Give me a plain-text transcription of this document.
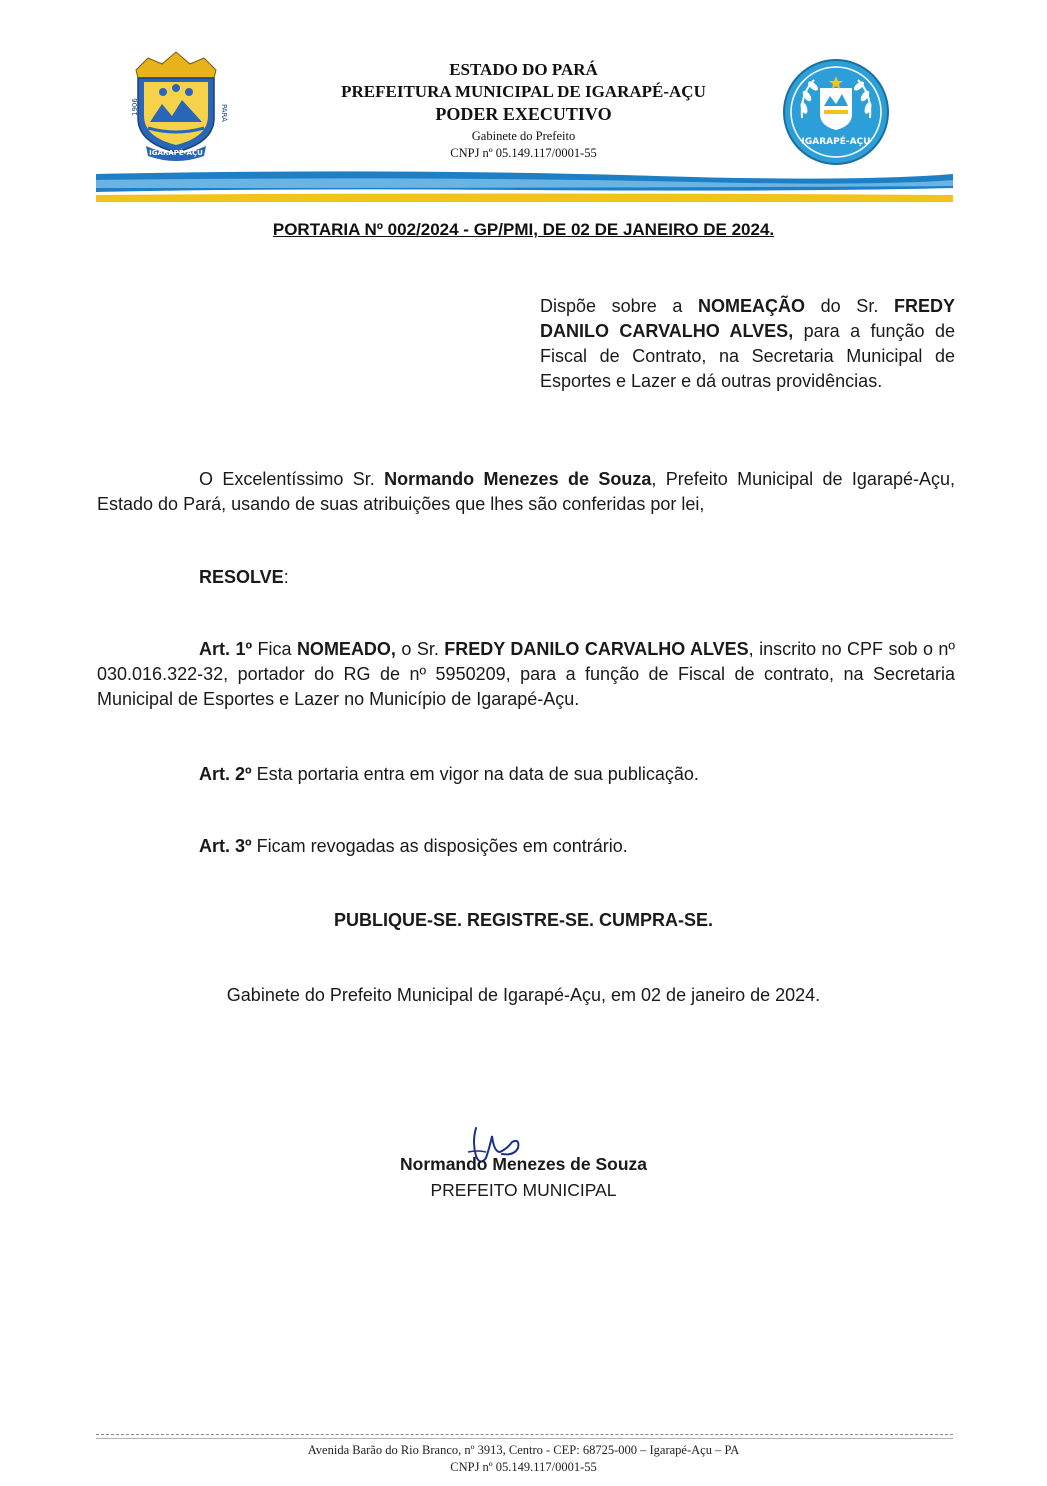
1906	PARÁ
IGARAPÉ-AÇU
ESTADO DO PARÁ
PREFEITURA MUNICIPAL DE IGARAPÉ-AÇU
PODER EXECUTIVO
Gabinete do Prefeito
CNPJ nº 05.149.117/0001-55
IGARAPÉ-AÇU
PORTARIA Nº 002/2024 - GP/PMI, DE 02 DE JANEIRO DE 2024.
Dispõe sobre a NOMEAÇÃO do Sr. FREDY DANILO CARVALHO ALVES, para a função de Fiscal de Contrato, na Secretaria Municipal de Esportes e Lazer e dá outras providências.
O Excelentíssimo Sr. Normando Menezes de Souza, Prefeito Municipal de Igarapé-Açu, Estado do Pará, usando de suas atribuições que lhes são conferidas por lei,
RESOLVE:
Art. 1º Fica NOMEADO, o Sr. FREDY DANILO CARVALHO ALVES, inscrito no CPF sob o nº 030.016.322-32, portador do RG de nº 5950209, para a função de Fiscal de contrato, na Secretaria Municipal de Esportes e Lazer no Município de Igarapé-Açu.
Art. 2º Esta portaria entra em vigor na data de sua publicação.
Art. 3º Ficam revogadas as disposições em contrário.
PUBLIQUE-SE. REGISTRE-SE. CUMPRA-SE.
Gabinete do Prefeito Municipal de Igarapé-Açu, em 02 de janeiro de 2024.
Normando Menezes de Souza
PREFEITO MUNICIPAL
Avenida Barão do Rio Branco, nº 3913, Centro - CEP: 68725-000 – Igarapé-Açu – PA
CNPJ nº 05.149.117/0001-55
